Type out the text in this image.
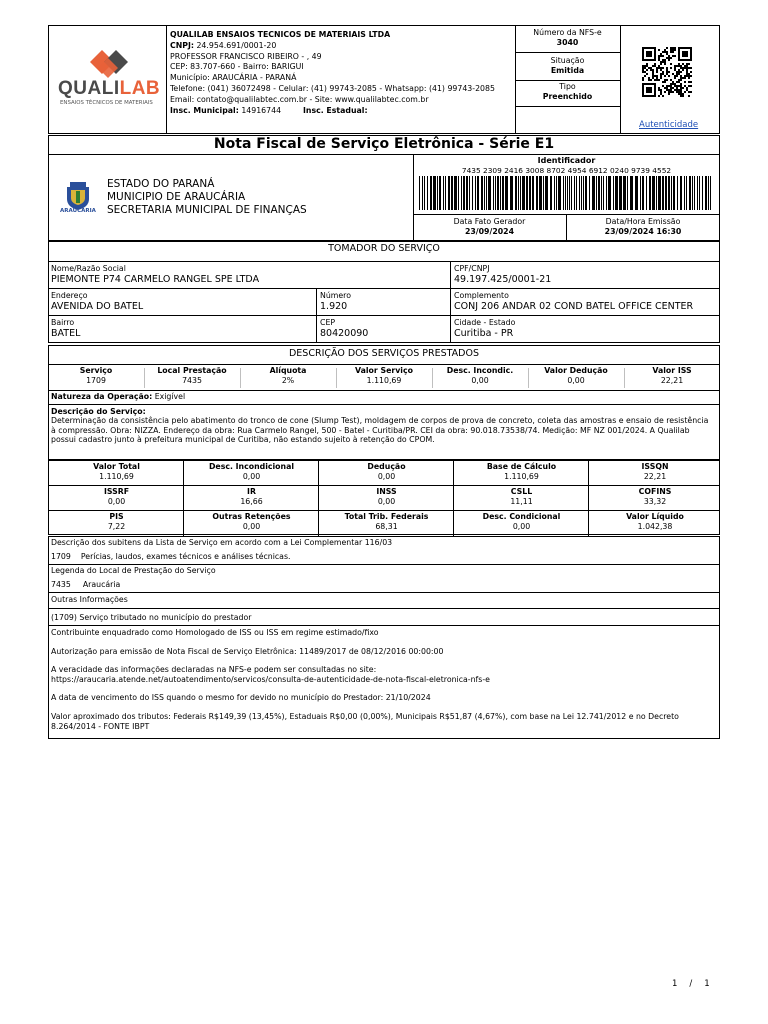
QUALILAB
ENSAIOS TÉCNICOS DE MATERIAIS
QUALILAB ENSAIOS TECNICOS DE MATERIAIS LTDA
CNPJ: 24.954.691/0001-20
PROFESSOR FRANCISCO RIBEIRO - , 49
CEP: 83.707-660 - Bairro: BARIGUI
Município: ARAUCÁRIA - PARANÁ
Telefone: (041) 36072498 - Celular: (41) 99743-2085 - Whatsapp: (41) 99743-2085
Email: contato@qualilabtec.com.br - Site: www.qualilabtec.com.br
Insc. Municipal: 14916744	Insc. Estadual:
Número da NFS-e
3040
Situação
Emitida
Tipo
Preenchido
Autenticidade
Nota Fiscal de Serviço Eletrônica - Série E1
ARAUCÁRIA
ESTADO DO PARANÁ
MUNICIPIO DE ARAUCÁRIA
SECRETARIA MUNICIPAL DE FINANÇAS
Identificador
7435 2309 2416 3008 8702 4954 6912 0240 9739 4552
Data Fato Gerador
23/09/2024
Data/Hora Emissão
23/09/2024 16:30
TOMADOR DO SERVIÇO
Nome/Razão Social
PIEMONTE P74 CARMELO RANGEL SPE LTDA
CPF/CNPJ
49.197.425/0001-21
Endereço
AVENIDA DO BATEL
Número
1.920
Complemento
CONJ 206 ANDAR 02 COND BATEL OFFICE CENTER
Bairro
BATEL
CEP
80420090
Cidade - Estado
Curitiba - PR
DESCRIÇÃO DOS SERVIÇOS PRESTADOS
Serviço
1709
Local Prestação
7435
Alíquota
2%
Valor Serviço
1.110,69
Desc. Incondic.
0,00
Valor Dedução
0,00
Valor ISS
22,21
Natureza da Operação: Exigível
Descrição do Serviço:
Determinação da consistência pelo abatimento do tronco de cone (Slump Test), moldagem de corpos de prova de concreto, coleta das amostras e ensaio de resistência à compressão. Obra: NIZZA. Endereço da obra: Rua Carmelo Rangel, 500 - Batel - Curitiba/PR. CEI da obra: 90.018.73538/74. Medição: MF NZ 001/2024. A Qualilab possui cadastro junto à prefeitura municipal de Curitiba, não estando sujeito à retenção do CPOM.
Valor Total
1.110,69
Desc. Incondicional
0,00
Dedução
0,00
Base de Cálculo
1.110,69
ISSQN
22,21
ISSRF
0,00
IR
16,66
INSS
0,00
CSLL
11,11
COFINS
33,32
PIS
7,22
Outras Retenções
0,00
Total Trib. Federais
68,31
Desc. Condicional
0,00
Valor Líquido
1.042,38
Descrição dos subitens da Lista de Serviço em acordo com a Lei Complementar 116/03
1709 Perícias, laudos, exames técnicos e análises técnicas.
Legenda do Local de Prestação do Serviço
7435 Araucária
Outras Informações
(1709) Serviço tributado no município do prestador
Contribuinte enquadrado como Homologado de ISS ou ISS em regime estimado/fixo
Autorização para emissão de Nota Fiscal de Serviço Eletrônica: 11489/2017 de 08/12/2016 00:00:00
A veracidade das informações declaradas na NFS-e podem ser consultadas no site:
https://araucaria.atende.net/autoatendimento/servicos/consulta-de-autenticidade-de-nota-fiscal-eletronica-nfs-e
A data de vencimento do ISS quando o mesmo for devido no município do Prestador: 21/10/2024
Valor aproximado dos tributos: Federais R$149,39 (13,45%), Estaduais R$0,00 (0,00%), Municipais R$51,87 (4,67%), com base na Lei 12.741/2012 e no Decreto 8.264/2014 - FONTE IBPT
1 / 1
